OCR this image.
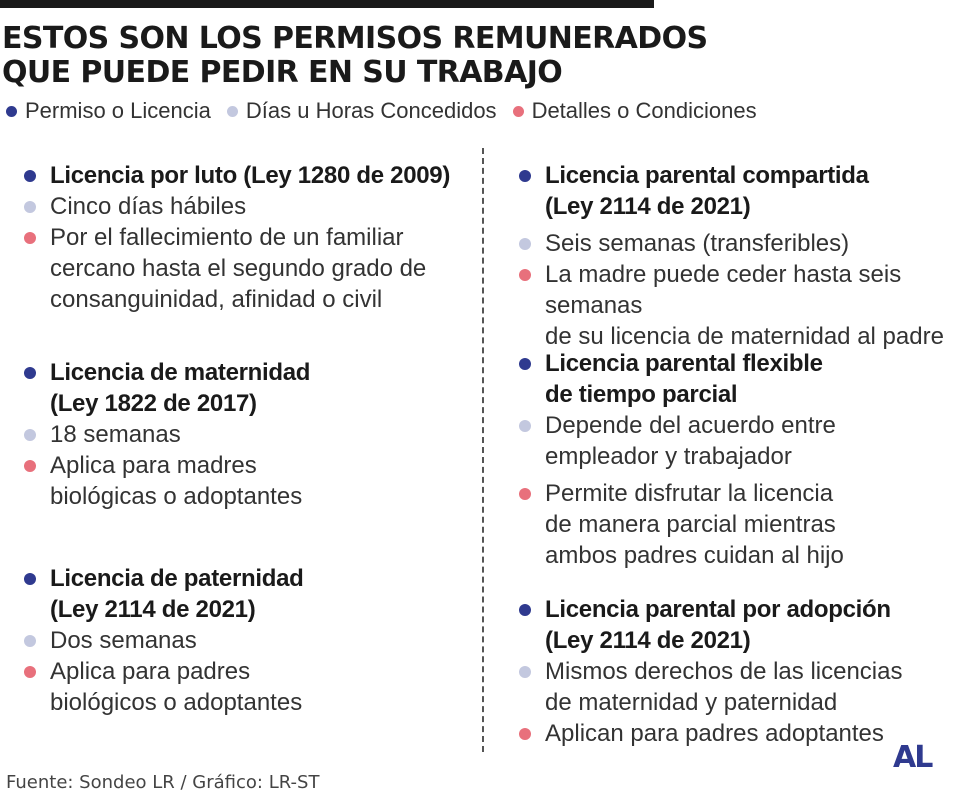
ESTOS SON LOS PERMISOS REMUNERADOS
QUE PUEDE PEDIR EN SU TRABAJO
Permiso o Licencia Días u Horas Concedidos Detalles o Condiciones
Licencia por luto (Ley 1280 de 2009)
Cinco días hábiles
Por el fallecimiento de un familiar
cercano hasta el segundo grado de
consanguinidad, afinidad o civil
Licencia de maternidad
(Ley 1822 de 2017)
18 semanas
Aplica para madres
biológicas o adoptantes
Licencia de paternidad
(Ley 2114 de 2021)
Dos semanas
Aplica para padres
biológicos o adoptantes
Licencia parental compartida
(Ley 2114 de 2021)
Seis semanas (transferibles)
La madre puede ceder hasta seis semanas
de su licencia de maternidad al padre
Licencia parental flexible
de tiempo parcial
Depende del acuerdo entre
empleador y trabajador
Permite disfrutar la licencia
de manera parcial mientras
ambos padres cuidan al hijo
Licencia parental por adopción
(Ley 2114 de 2021)
Mismos derechos de las licencias
de maternidad y paternidad
Aplican para padres adoptantes
Fuente: Sondeo LR / Gráfico: LR-ST
AL
